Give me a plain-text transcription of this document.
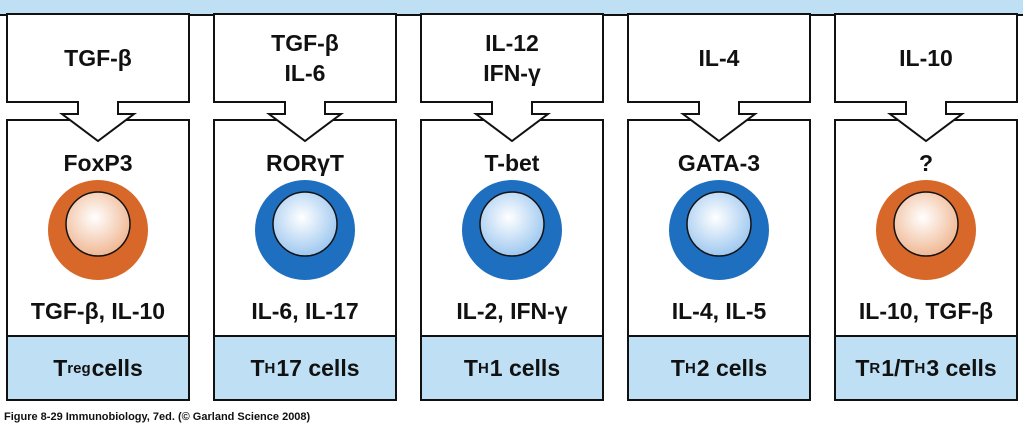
TGF-β
FoxP3
TGF-β, IL-10
T reg cells
TGF-β
IL-6
RORγT
IL-6, IL-17
T H 17 cells
IL-12
IFN-γ
T-bet
IL-2, IFN-γ
T H 1 cells
IL-4
GATA-3
IL-4, IL-5
T H 2 cells
IL-10
?
IL-10, TGF-β
T R 1/T H 3 cells
Figure 8-29 Immunobiology, 7ed. (© Garland Science 2008)
